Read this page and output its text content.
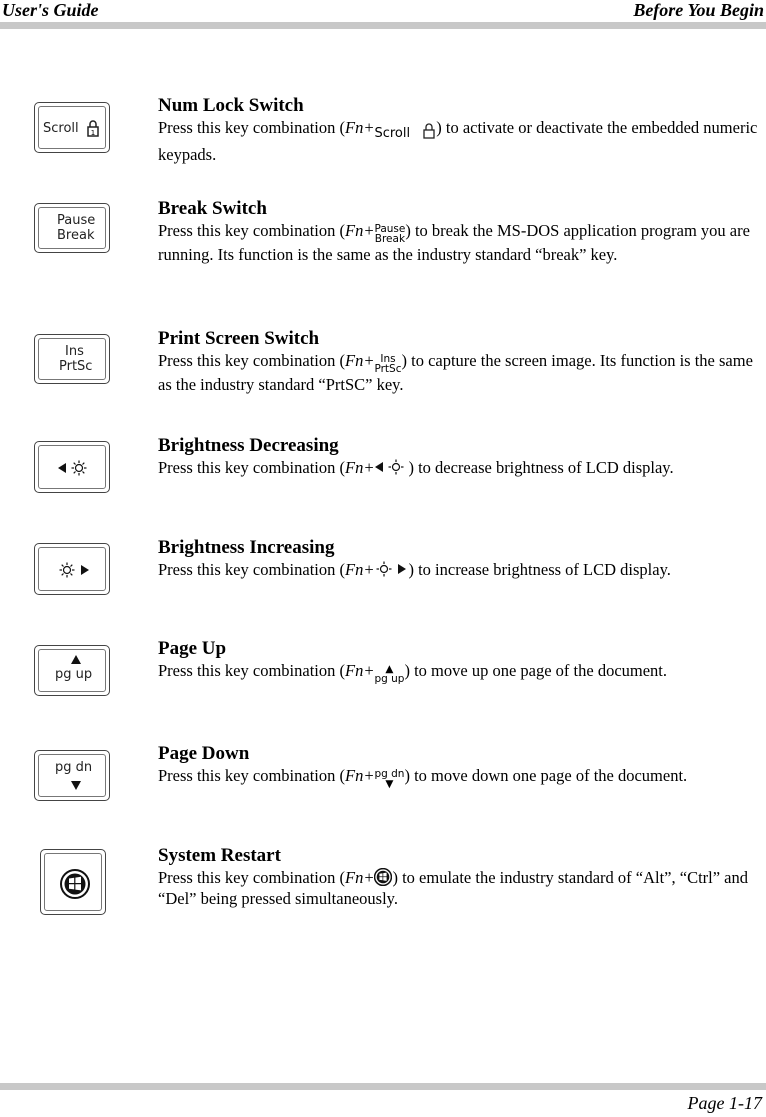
User's Guide	Before You Begin
Scroll 1
Num Lock Switch
Press this key combination (Fn+Scroll ) to activate or deactivate the embedded numeric keypads.
Pause
Break
Break Switch
Press this key combination (Fn+ Pause
Break ) to break the MS-DOS application program you are running. Its function is the same as the industry standard “break” key.
Ins
PrtSc
Print Screen Switch
Press this key combination (Fn+ Ins
PrtSc ) to capture the screen image. Its function is the same as the industry standard “PrtSC” key.
Brightness Decreasing
Press this key combination (Fn+ ) to decrease brightness of LCD display.
Brightness Increasing
Press this key combination (Fn+ ) to increase brightness of LCD display.
pg up
Page Up
Press this key combination (Fn+	▲
pg up ) to move up one page of the document.
pg dn
Page Down
Press this key combination (Fn+ pg dn
▼ ) to move down one page of the document.
System Restart
Press this key combination (Fn+ ) to emulate the industry standard of “Alt”, “Ctrl” and “Del” being pressed simultaneously.
Page 1-17
